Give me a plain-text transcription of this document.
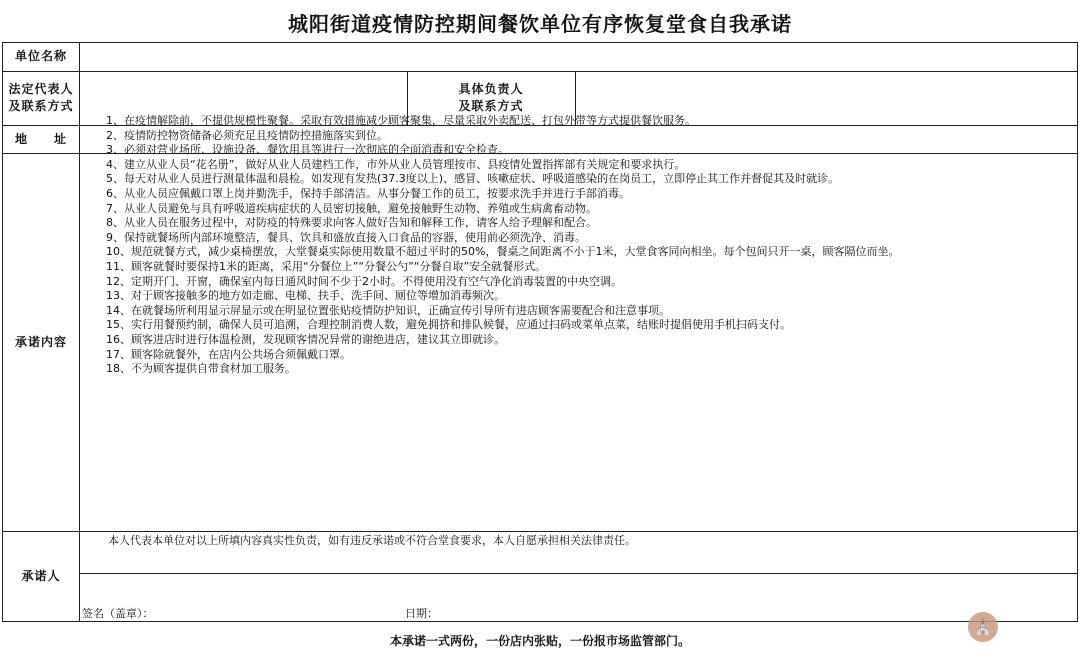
城阳街道疫情防控期间餐饮单位有序恢复堂食自我承诺
单位名称
法定代表人
及联系方式
具体负责人
及联系方式
地　　址
承诺内容
承诺人
1、在疫情解除前，不提供规模性聚餐。采取有效措施减少顾客聚集，尽量采取外卖配送、打包外带等方式提供餐饮服务。
2、疫情防控物资储备必须充足且疫情防控措施落实到位。
3、必须对营业场所、设施设备、餐饮用具等进行一次彻底的全面消毒和安全检查。
4、建立从业人员“花名册”，做好从业人员建档工作，市外从业人员管理按市、县疫情处置指挥部有关规定和要求执行。
5、每天对从业人员进行测量体温和晨检。如发现有发热(37.3度以上)、感冒、咳嗽症状、呼吸道感染的在岗员工，立即停止其工作并督促其及时就诊。
6、从业人员应佩戴口罩上岗并勤洗手，保持手部清洁。从事分餐工作的员工，按要求洗手并进行手部消毒。
7、从业人员避免与具有呼吸道疾病症状的人员密切接触，避免接触野生动物、养殖或生病禽畜动物。
8、从业人员在服务过程中，对防疫的特殊要求向客人做好告知和解释工作，请客人给予理解和配合。
9、保持就餐场所内部环境整洁，餐具、饮具和盛放直接入口食品的容器，使用前必须洗净、消毒。
10、规范就餐方式，减少桌椅摆放，大堂餐桌实际使用数量不超过平时的50%，餐桌之间距离不小于1米，大堂食客同向相坐。每个包间只开一桌，顾客隔位而坐。
11、顾客就餐时要保持1米的距离，采用“分餐位上”“分餐公勺”“分餐自取”安全就餐形式。
12、定期开门、开窗，确保室内每日通风时间不少于2小时。不得使用没有空气净化消毒装置的中央空调。
13、对于顾客接触多的地方如走廊、电梯、扶手、洗手间、厕位等增加消毒频次。
14、在就餐场所利用显示屏显示或在明显位置张贴疫情防护知识，正确宣传引导所有进店顾客需要配合和注意事项。
15、实行用餐预约制，确保人员可追溯，合理控制消费人数，避免拥挤和排队候餐，应通过扫码或菜单点菜，结账时提倡使用手机扫码支付。
16、顾客进店时进行体温检测，发现顾客情况异常的谢绝进店，建议其立即就诊。
17、顾客除就餐外，在店内公共场合须佩戴口罩。
18、不为顾客提供自带食材加工服务。
本人代表本单位对以上所填内容真实性负责，如有违反承诺或不符合堂食要求，本人自愿承担相关法律责任。
签名（盖章）：	日期：
本承诺一式两份，一份店内张贴，一份报市场监管部门。
⛪
